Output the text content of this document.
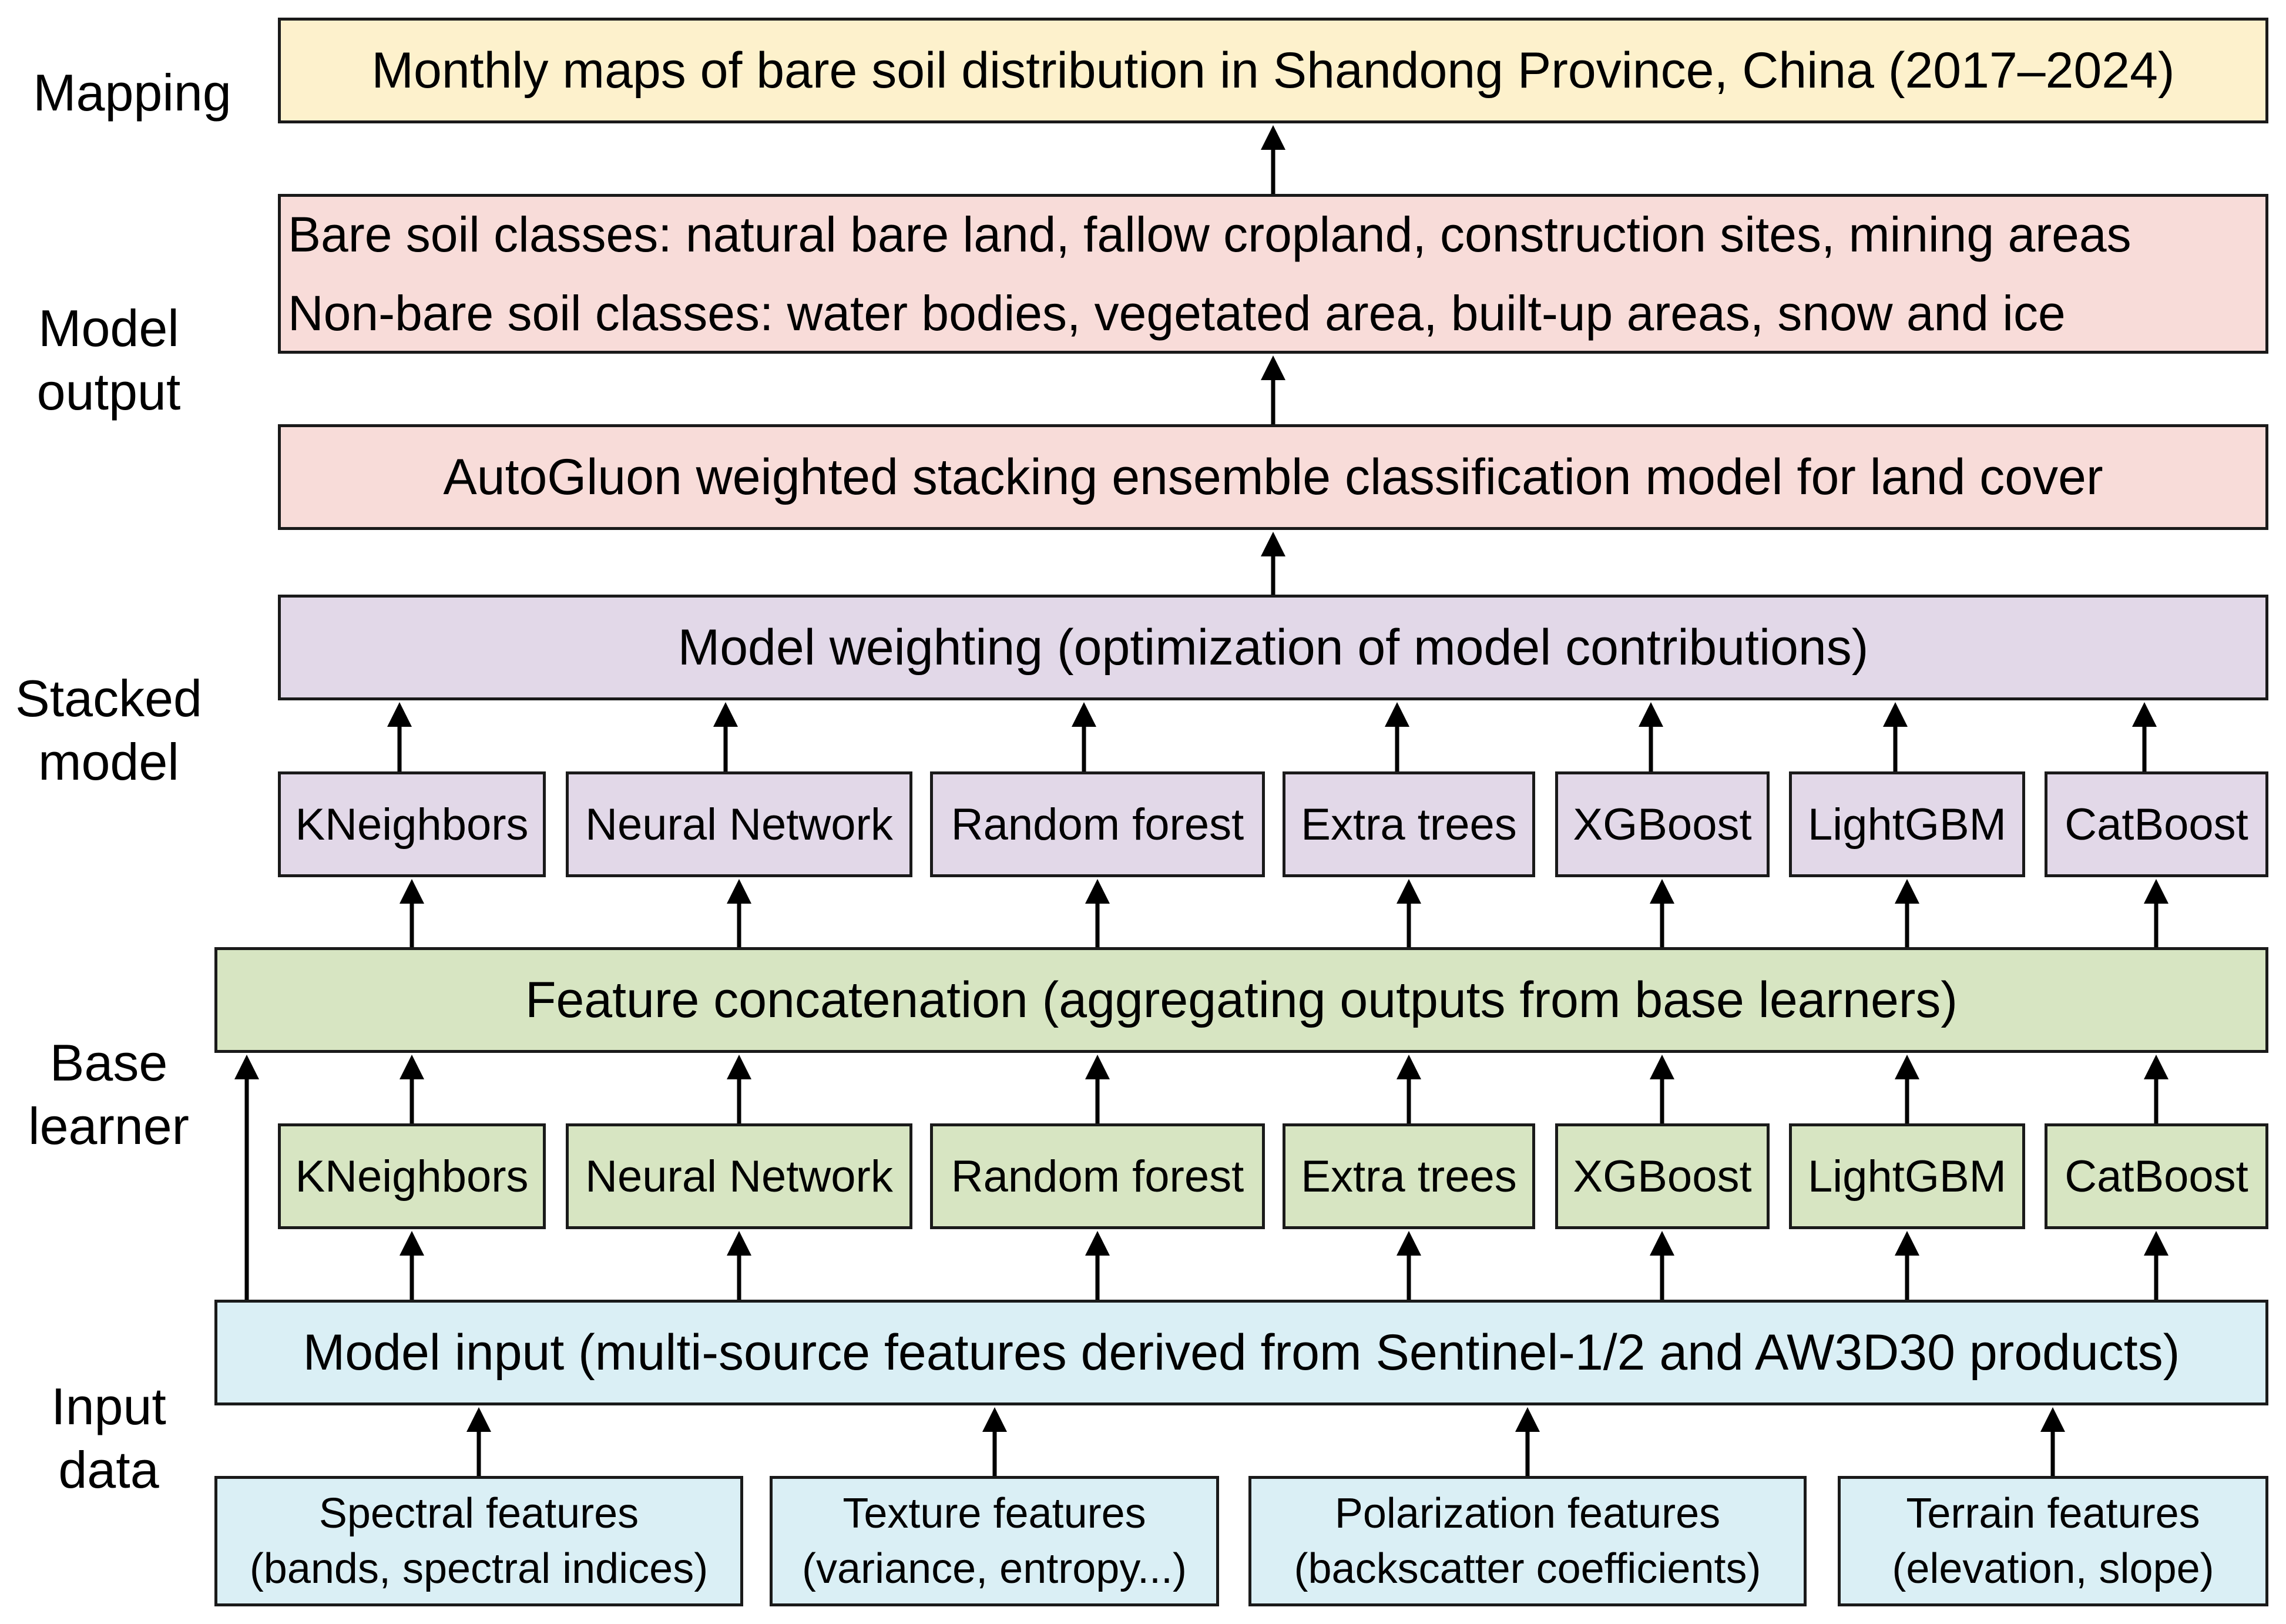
Mapping
Model
output
Stacked
model
Base
learner
Input
data
Monthly maps of bare soil distribution in Shandong Province, China (2017–2024)
Bare soil classes: natural bare land, fallow cropland, construction sites, mining areas
Non-bare soil classes: water bodies, vegetated area, built-up areas, snow and ice
AutoGluon weighted stacking ensemble classification model for land cover
Model weighting (optimization of model contributions)
KNeighbors	Neural Network	Random forest	Extra trees	XGBoost	LightGBM	CatBoost
Feature concatenation (aggregating outputs from base learners)
KNeighbors	Neural Network	Random forest	Extra trees	XGBoost	LightGBM	CatBoost
Model input (multi-source features derived from Sentinel-1/2 and AW3D30 products)
Spectral features
(bands, spectral indices)
Texture features
(variance, entropy...)
Polarization features
(backscatter coefficients)
Terrain features
(elevation, slope)
